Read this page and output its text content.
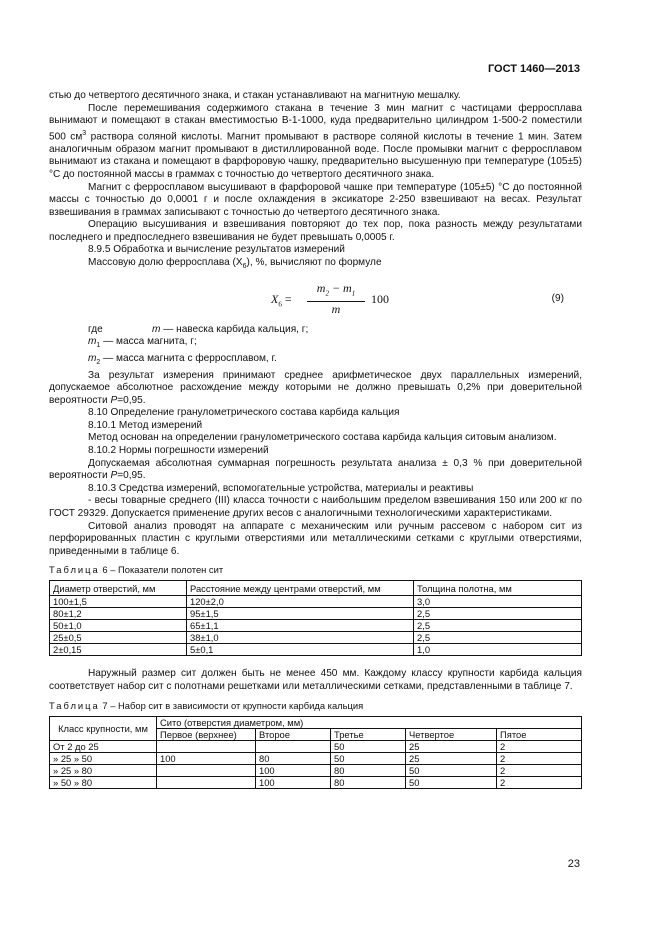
ГОСТ 1460—2013

стью до четвертого десятичного знака, и стакан устанавливают на магнитную мешалку.

После перемешивания содержимого стакана в течение 3 мин магнит с частицами ферросплава вынимают и помещают в стакан вместимостью В-1-1000, куда предварительно цилиндром 1-500-2 поместили 500 $см^3$ раствора соляной кислоты. Магнит промывают в растворе соляной кислоты в течение 1 мин. Затем аналогичным образом магнит промывают в дистиллированной воде. После промывки магнит с ферросплавом вынимают из стакана и помещают в фарфоровую чашку, предварительно высушенную при температуре (105±5) °С до постоянной массы в граммах с точностью до четвертого десятичного знака.

Магнит с ферросплавом высушивают в фарфоровой чашке при температуре (105±5) °С до постоянной массы с точностью до 0,0001 г и после охлаждения в эксикаторе 2-250 взвешивают на весах. Результат взвешивания в граммах записывают с точностью до четвертого десятичного знака.

Операцию высушивания и взвешивания повторяют до тех пор, пока разность между результатами последнего и предпоследнего взвешивания не будет превышать 0,0005 г.

8.9.5 Обработка и вычисление результатов измерений

Массовую долю ферросплава $(Х_6)$, %, вычисляют по формуле

$X_6 = \frac{m_2 - m_1}{m} 100$	(9)
где	m — навеска карбида кальция, г;

$m_1$ — масса магнита, г;

$m_2$ — масса магнита с ферросплавом, г.

За результат измерения принимают среднее арифметическое двух параллельных измерений, допускаемое абсолютное расхождение между которыми не должно превышать 0,2% при доверительной вероятности Р=0,95.

8.10 Определение гранулометрического состава карбида кальция

8.10.1 Метод измерений

Метод основан на определении гранулометрического состава карбида кальция ситовым анализом.

8.10.2 Нормы погрешности измерений

Допускаемая абсолютная суммарная погрешность результата анализа ± 0,3 % при доверительной вероятности Р=0,95.

8.10.3 Средства измерений, вспомогательные устройства, материалы и реактивы

- весы товарные среднего (III) класса точности с наибольшим пределом взвешивания 150 или 200 кг по ГОСТ 29329. Допускается применение других весов с аналогичными технологическими характеристиками.

Ситовой анализ проводят на аппарате с механическим или ручным рассевом с набором сит из перфорированных пластин с круглыми отверстиями или металлическими сетками с круглыми отверстиями, приведенными в таблице 6.

Таблица 6 – Показатели полотен сит
Диаметр отверстий, мм	Расстояние между центрами отверстий, мм	Толщина полотна, мм
100±1,5	120±2,0	3,0
80±1,2	95±1,5	2,5
50±1,0	65±1,1	2,5
25±0,5	38±1,0	2,5
2±0,15	5±0,1	1,0

Наружный размер сит должен быть не менее 450 мм. Каждому классу крупности карбида кальция соответствует набор сит с полотнами решетками или металлическими сетками, представленными в таблице 7.

Таблица 7 – Набор сит в зависимости от крупности карбида кальция
Класс крупности, мм	Сито (отверстия диаметром, мм)				
	Первое (верхнее)	Второе	Третье	Четвертое	Пятое
От 2 до 25			50	25	2
» 25 » 50	100	80	50	25	2
» 25 » 80		100	80	50	2
» 50 » 80		100	80	50	2
23
